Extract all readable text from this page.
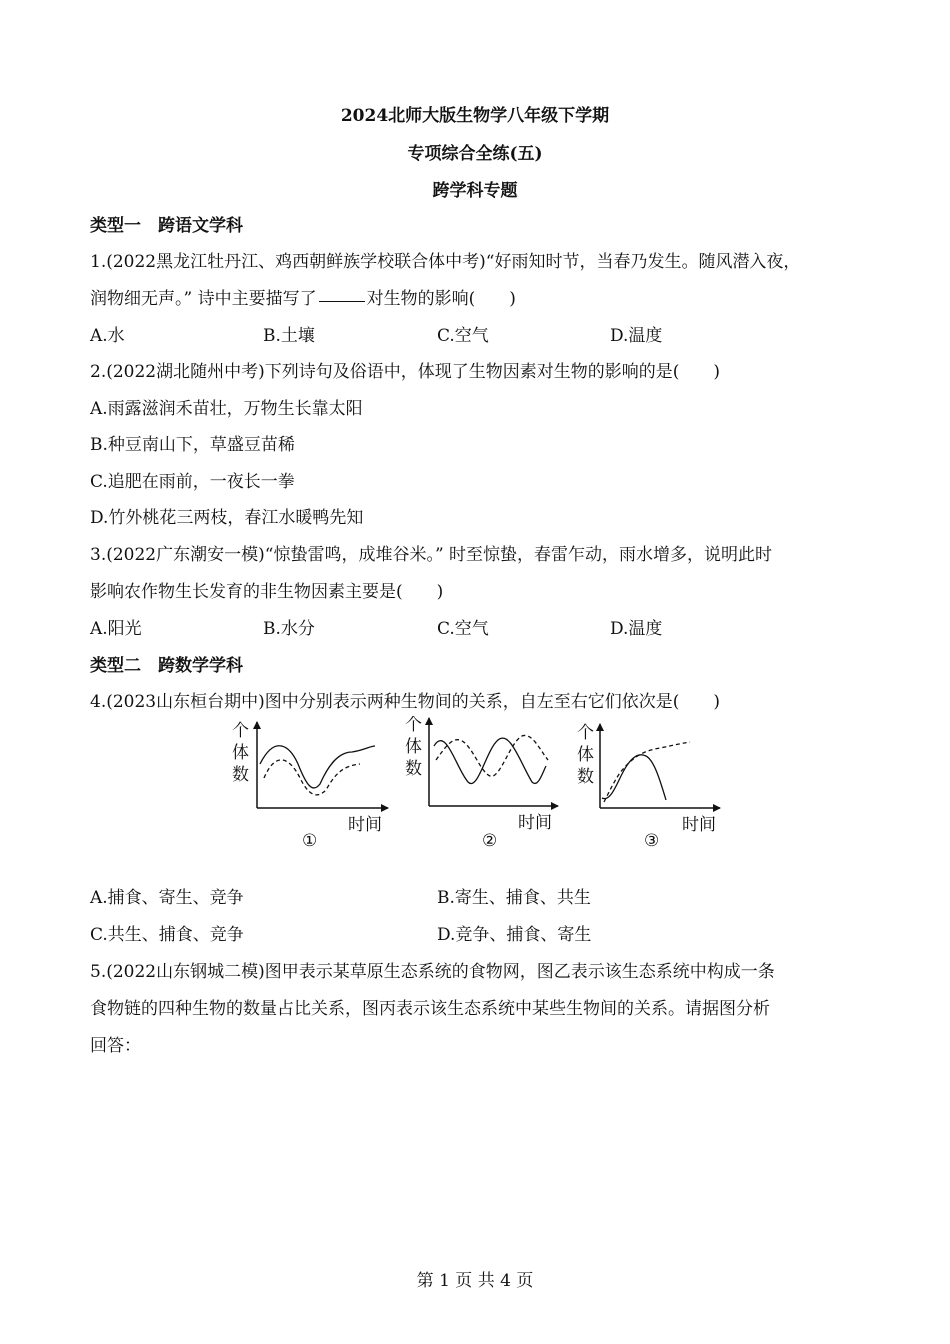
2024北师大版生物学八年级下学期
专项综合全练(五)
跨学科专题
类型一　跨语文学科
1.(2022黑龙江牡丹江、鸡西朝鲜族学校联合体中考)“好雨知时节，当春乃发生。随风潜入夜，
润物细无声。” 诗中主要描写了	对生物的影响(　　)
A.水	B.土壤	C.空气	D.温度
2.(2022湖北随州中考)下列诗句及俗语中，体现了生物因素对生物的影响的是(　　)
A.雨露滋润禾苗壮，万物生长靠太阳
B.种豆南山下，草盛豆苗稀
C.追肥在雨前，一夜长一拳
D.竹外桃花三两枝，春江水暖鸭先知
3.(2022广东潮安一模)“惊蛰雷鸣，成堆谷米。” 时至惊蛰，春雷乍动，雨水增多，说明此时
影响农作物生长发育的非生物因素主要是(　　)
A.阳光	B.水分	C.空气	D.温度
类型二　跨数学学科
4.(2023山东桓台期中)图中分别表示两种生物间的关系，自左至右它们依次是(　　)
个
体
数
时间
①
个
体
数
时间
②
个
体
数
时间
③
A.捕食、寄生、竞争	B.寄生、捕食、共生
C.共生、捕食、竞争	D.竞争、捕食、寄生
5.(2022山东钢城二模)图甲表示某草原生态系统的食物网，图乙表示该生态系统中构成一条
食物链的四种生物的数量占比关系，图丙表示该生态系统中某些生物间的关系。请据图分析
回答：
第 1 页 共 4 页
